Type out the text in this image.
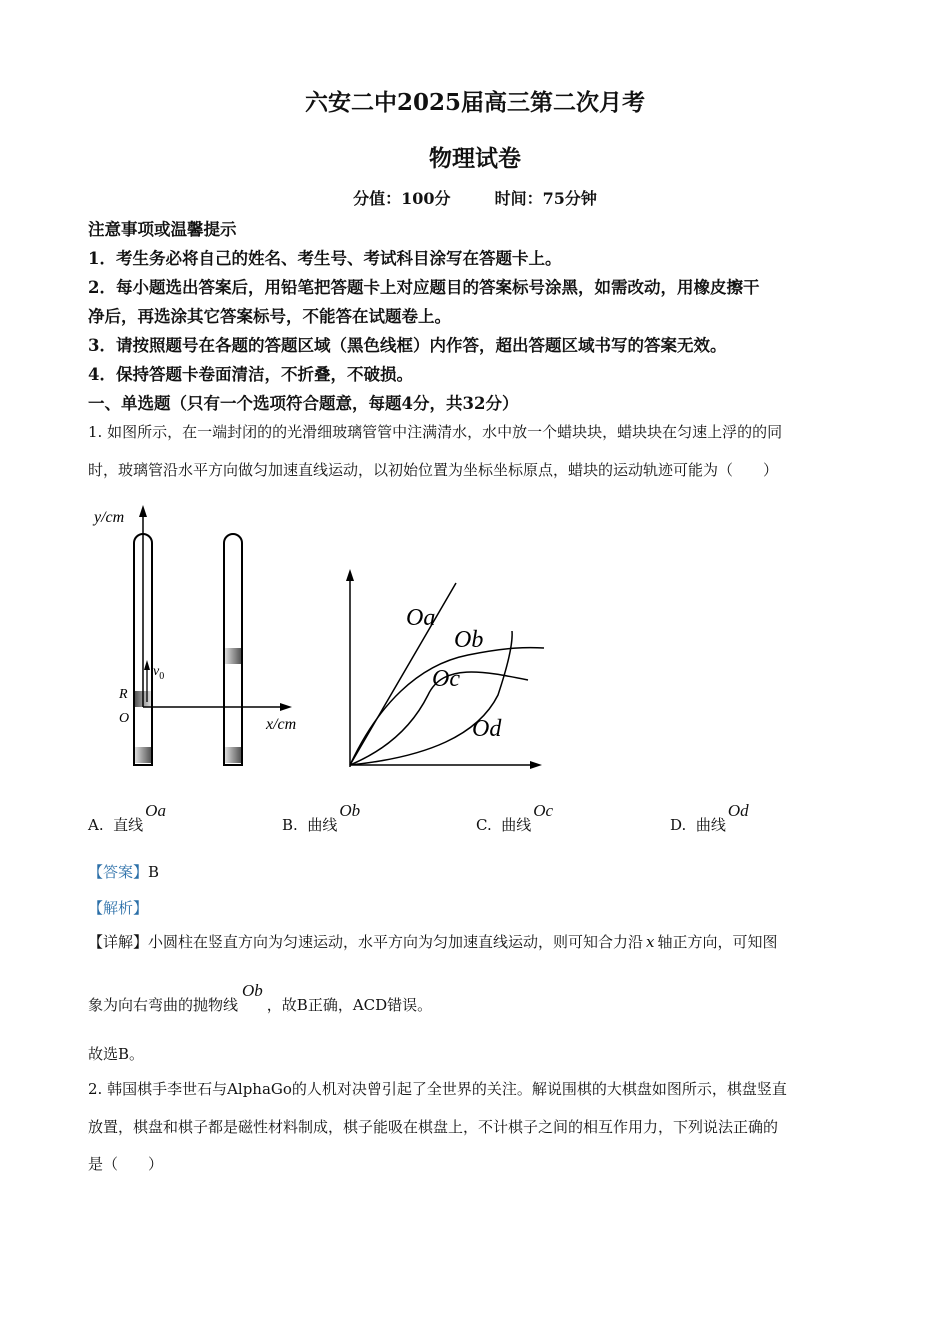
六安二中2025届高三第二次月考
物理试卷
分值：100分	时间：75分钟
注意事项或温馨提示
1．考生务必将自己的姓名、考生号、考试科目涂写在答题卡上。
2．每小题选出答案后，用铅笔把答题卡上对应题目的答案标号涂黑，如需改动，用橡皮擦干
净后，再选涂其它答案标号，不能答在试题卷上。
3．请按照题号在各题的答题区域（黑色线框）内作答，超出答题区域书写的答案无效。
4．保持答题卡卷面清洁，不折叠，不破损。
一、单选题（只有一个选项符合题意，每题4分，共32分）
1. 如图所示，在一端封闭的的光滑细玻璃管管中注满清水，水中放一个蜡块块，蜡块块在匀速上浮的的同
时，玻璃管沿水平方向做匀加速直线运动，以初始位置为坐标坐标原点，蜡块的运动轨迹可能为（　　）
y/cm
x/cm
$v_0$
R
O
Oa
Ob
Oc
Od
A. 直线Oa
B. 曲线Ob
C. 曲线Oc
D. 曲线Od
【答案】B
【解析】
【详解】小圆柱在竖直方向为匀速运动，水平方向为匀加速直线运动，则可知合力沿 x 轴正方向，可知图
象为向右弯曲的抛物线Ob，故B正确，ACD错误。
故选B。
2. 韩国棋手李世石与AlphaGo的人机对决曾引起了全世界的关注。解说围棋的大棋盘如图所示，棋盘竖直
放置，棋盘和棋子都是磁性材料制成，棋子能吸在棋盘上，不计棋子之间的相互作用力，下列说法正确的
是（　　）
